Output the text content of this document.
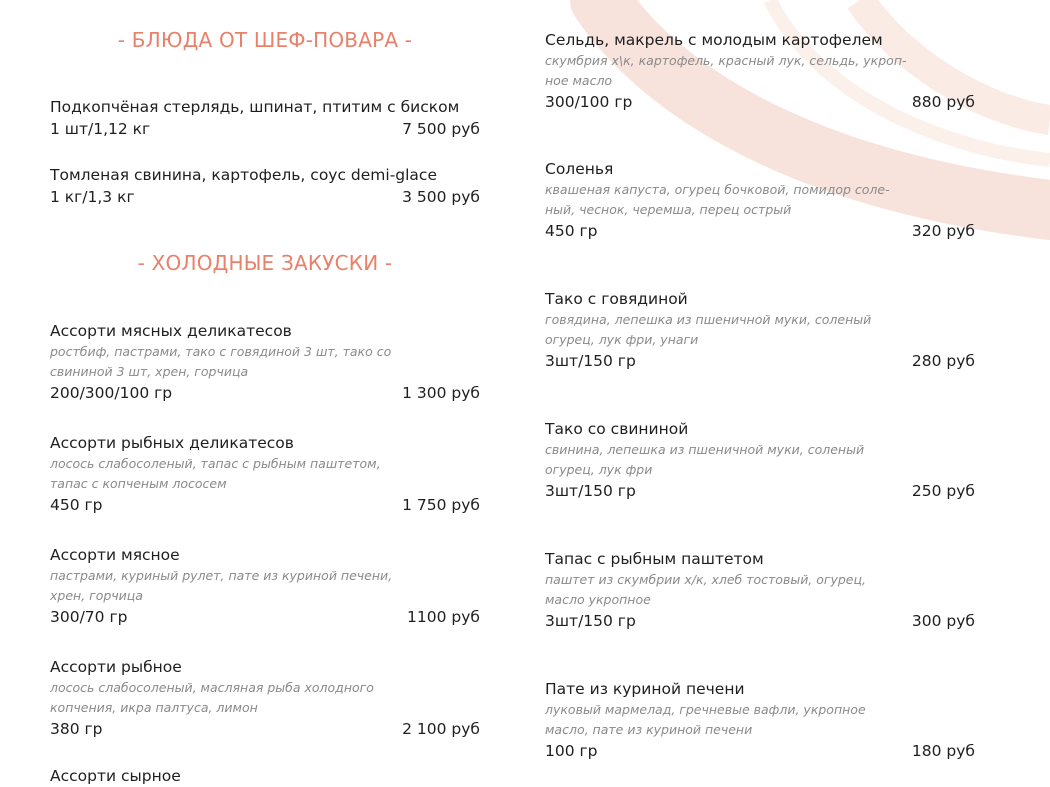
- БЛЮДА ОТ ШЕФ-ПОВАРА -
Подкопчёная стерлядь, шпинат, птитим с биском
1 шт/1,12 кг	7 500 руб
Томленая свинина, картофель, соус demi-glace
1 кг/1,3 кг	3 500 руб
- ХОЛОДНЫЕ ЗАКУСКИ -
Ассорти мясных деликатесов
ростбиф, пастрами, тако с говядиной 3 шт, тако со
свининой 3 шт, хрен, горчица
200/300/100 гр	1 300 руб
Ассорти рыбных деликатесов
лосось слабосоленый, тапас с рыбным паштетом,
тапас с копченым лососем
450 гр	1 750 руб
Ассорти мясное
пастрами, куриный рулет, пате из куриной печени,
хрен, горчица
300/70 гр	1100 руб
Ассорти рыбное
лосось слабосоленый, масляная рыба холодного
копчения, икра палтуса, лимон
380 гр	2 100 руб
Ассорти сырное
Сельдь, макрель с молодым картофелем
скумбрия х\к, картофель, красный лук, сельдь, укроп-
ное масло
300/100 гр	880 руб
Соленья
квашеная капуста, огурец бочковой, помидор соле-
ный, чеснок, черемша, перец острый
450 гр	320 руб
Тако с говядиной
говядина, лепешка из пшеничной муки, соленый
огурец, лук фри, унаги
3шт/150 гр	280 руб
Тако со свининой
свинина, лепешка из пшеничной муки, соленый
огурец, лук фри
3шт/150 гр	250 руб
Тапас с рыбным паштетом
паштет из скумбрии х/к, хлеб тостовый, огурец,
масло укропное
3шт/150 гр	300 руб
Пате из куриной печени
луковый мармелад, гречневые вафли, укропное
масло, пате из куриной печени
100 гр	180 руб
